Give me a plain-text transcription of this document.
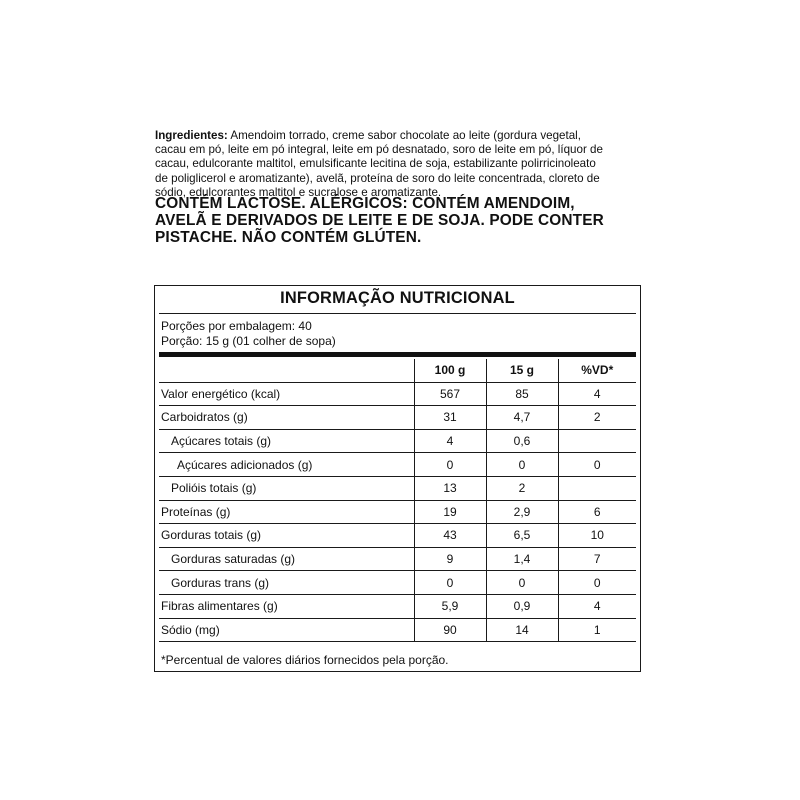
Ingredientes: Amendoim torrado, creme sabor chocolate ao leite (gordura vegetal, cacau em pó, leite em pó integral, leite em pó desnatado, soro de leite em pó, líquor de cacau, edulcorante maltitol, emulsificante lecitina de soja, estabilizante polirricinoleato de poliglicerol e aromatizante), avelã, proteína de soro do leite concentrada, cloreto de sódio, edulcorantes maltitol e sucralose e aromatizante.
CONTÉM LACTOSE. ALÉRGICOS: CONTÉM AMENDOIM, AVELÃ E DERIVADOS DE LEITE E DE SOJA. PODE CONTER PISTACHE. NÃO CONTÉM GLÚTEN.
INFORMAÇÃO NUTRICIONAL
Porções por embalagem: 40
Porção: 15 g (01 colher de sopa)
	100 g	15 g	%VD*
Valor energético (kcal)	567	85	4
Carboidratos (g)	31	4,7	2
Açúcares totais (g)	4	0,6	
Açúcares adicionados (g)	0	0	0
Polióis totais (g)	13	2	
Proteínas (g)	19	2,9	6
Gorduras totais (g)	43	6,5	10
Gorduras saturadas (g)	9	1,4	7
Gorduras trans (g)	0	0	0
Fibras alimentares (g)	5,9	0,9	4
Sódio (mg)	90	14	1
*Percentual de valores diários fornecidos pela porção.
